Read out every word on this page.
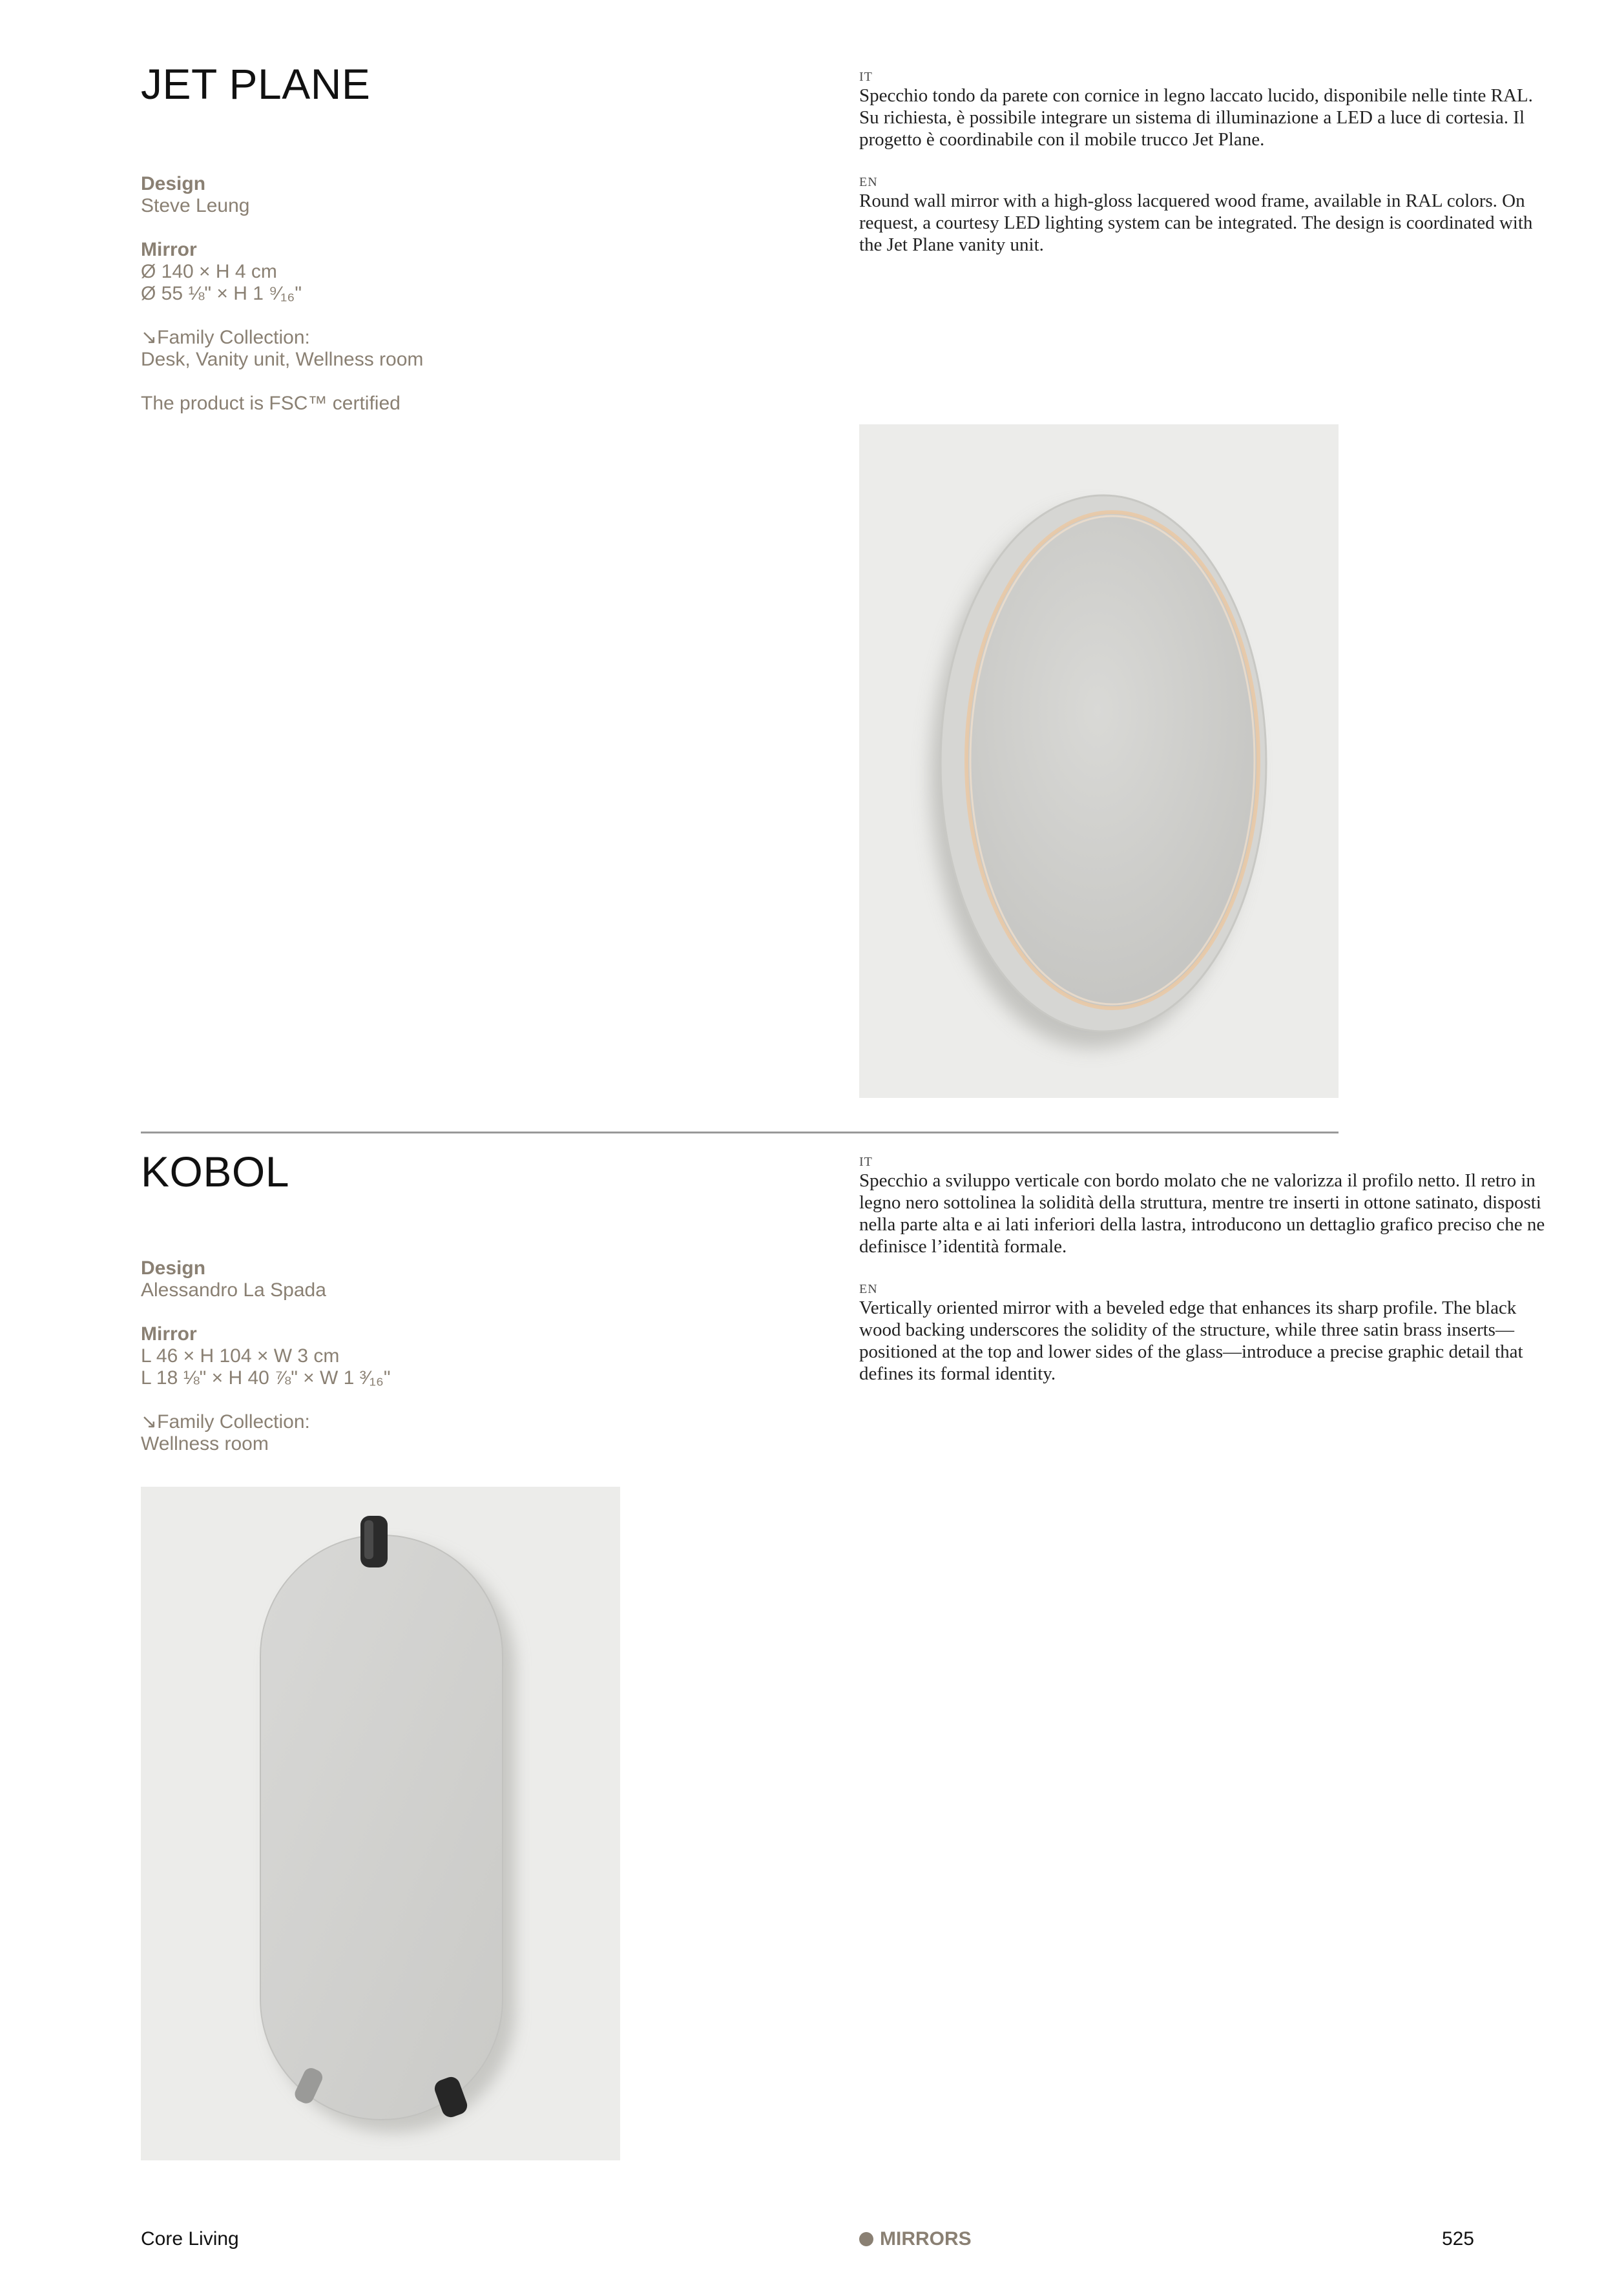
JET PLANE
Design
Steve Leung
Mirror
Ø 140 × H 4 cm
Ø 55 ⅛" × H 1 ⁹⁄₁₆"
↘Family Collection:
Desk, Vanity unit, Wellness room
The product is FSC™ certified
IT
Specchio tondo da parete con cornice in legno laccato lucido, disponibile nelle tinte RAL. Su richiesta, è possibile integrare un sistema di illuminazione a LED a luce di cortesia. Il progetto è coordinabile con il mobile trucco Jet Plane.
EN
Round wall mirror with a high-gloss lacquered wood frame, available in RAL colors. On request, a courtesy LED lighting system can be integrated. The design is coordinated with the Jet Plane vanity unit.
KOBOL
Design
Alessandro La Spada
Mirror
L 46 × H 104 × W 3 cm
L 18 ⅛" × H 40 ⅞" × W 1 ³⁄₁₆"
↘Family Collection:
Wellness room
IT
Specchio a sviluppo verticale con bordo molato che ne valorizza il profilo netto. Il retro in legno nero sottolinea la solidità della struttura, mentre tre inserti in ottone satinato, disposti nella parte alta e ai lati inferiori della lastra, introducono un dettaglio grafico preciso che ne definisce l’identità formale.
EN
Vertically oriented mirror with a beveled edge that enhances its sharp profile. The black wood backing underscores the solidity of the structure, while three satin brass inserts—positioned at the top and lower sides of the glass—introduce a precise graphic detail that defines its formal identity.
Core Living	MIRRORS	525
